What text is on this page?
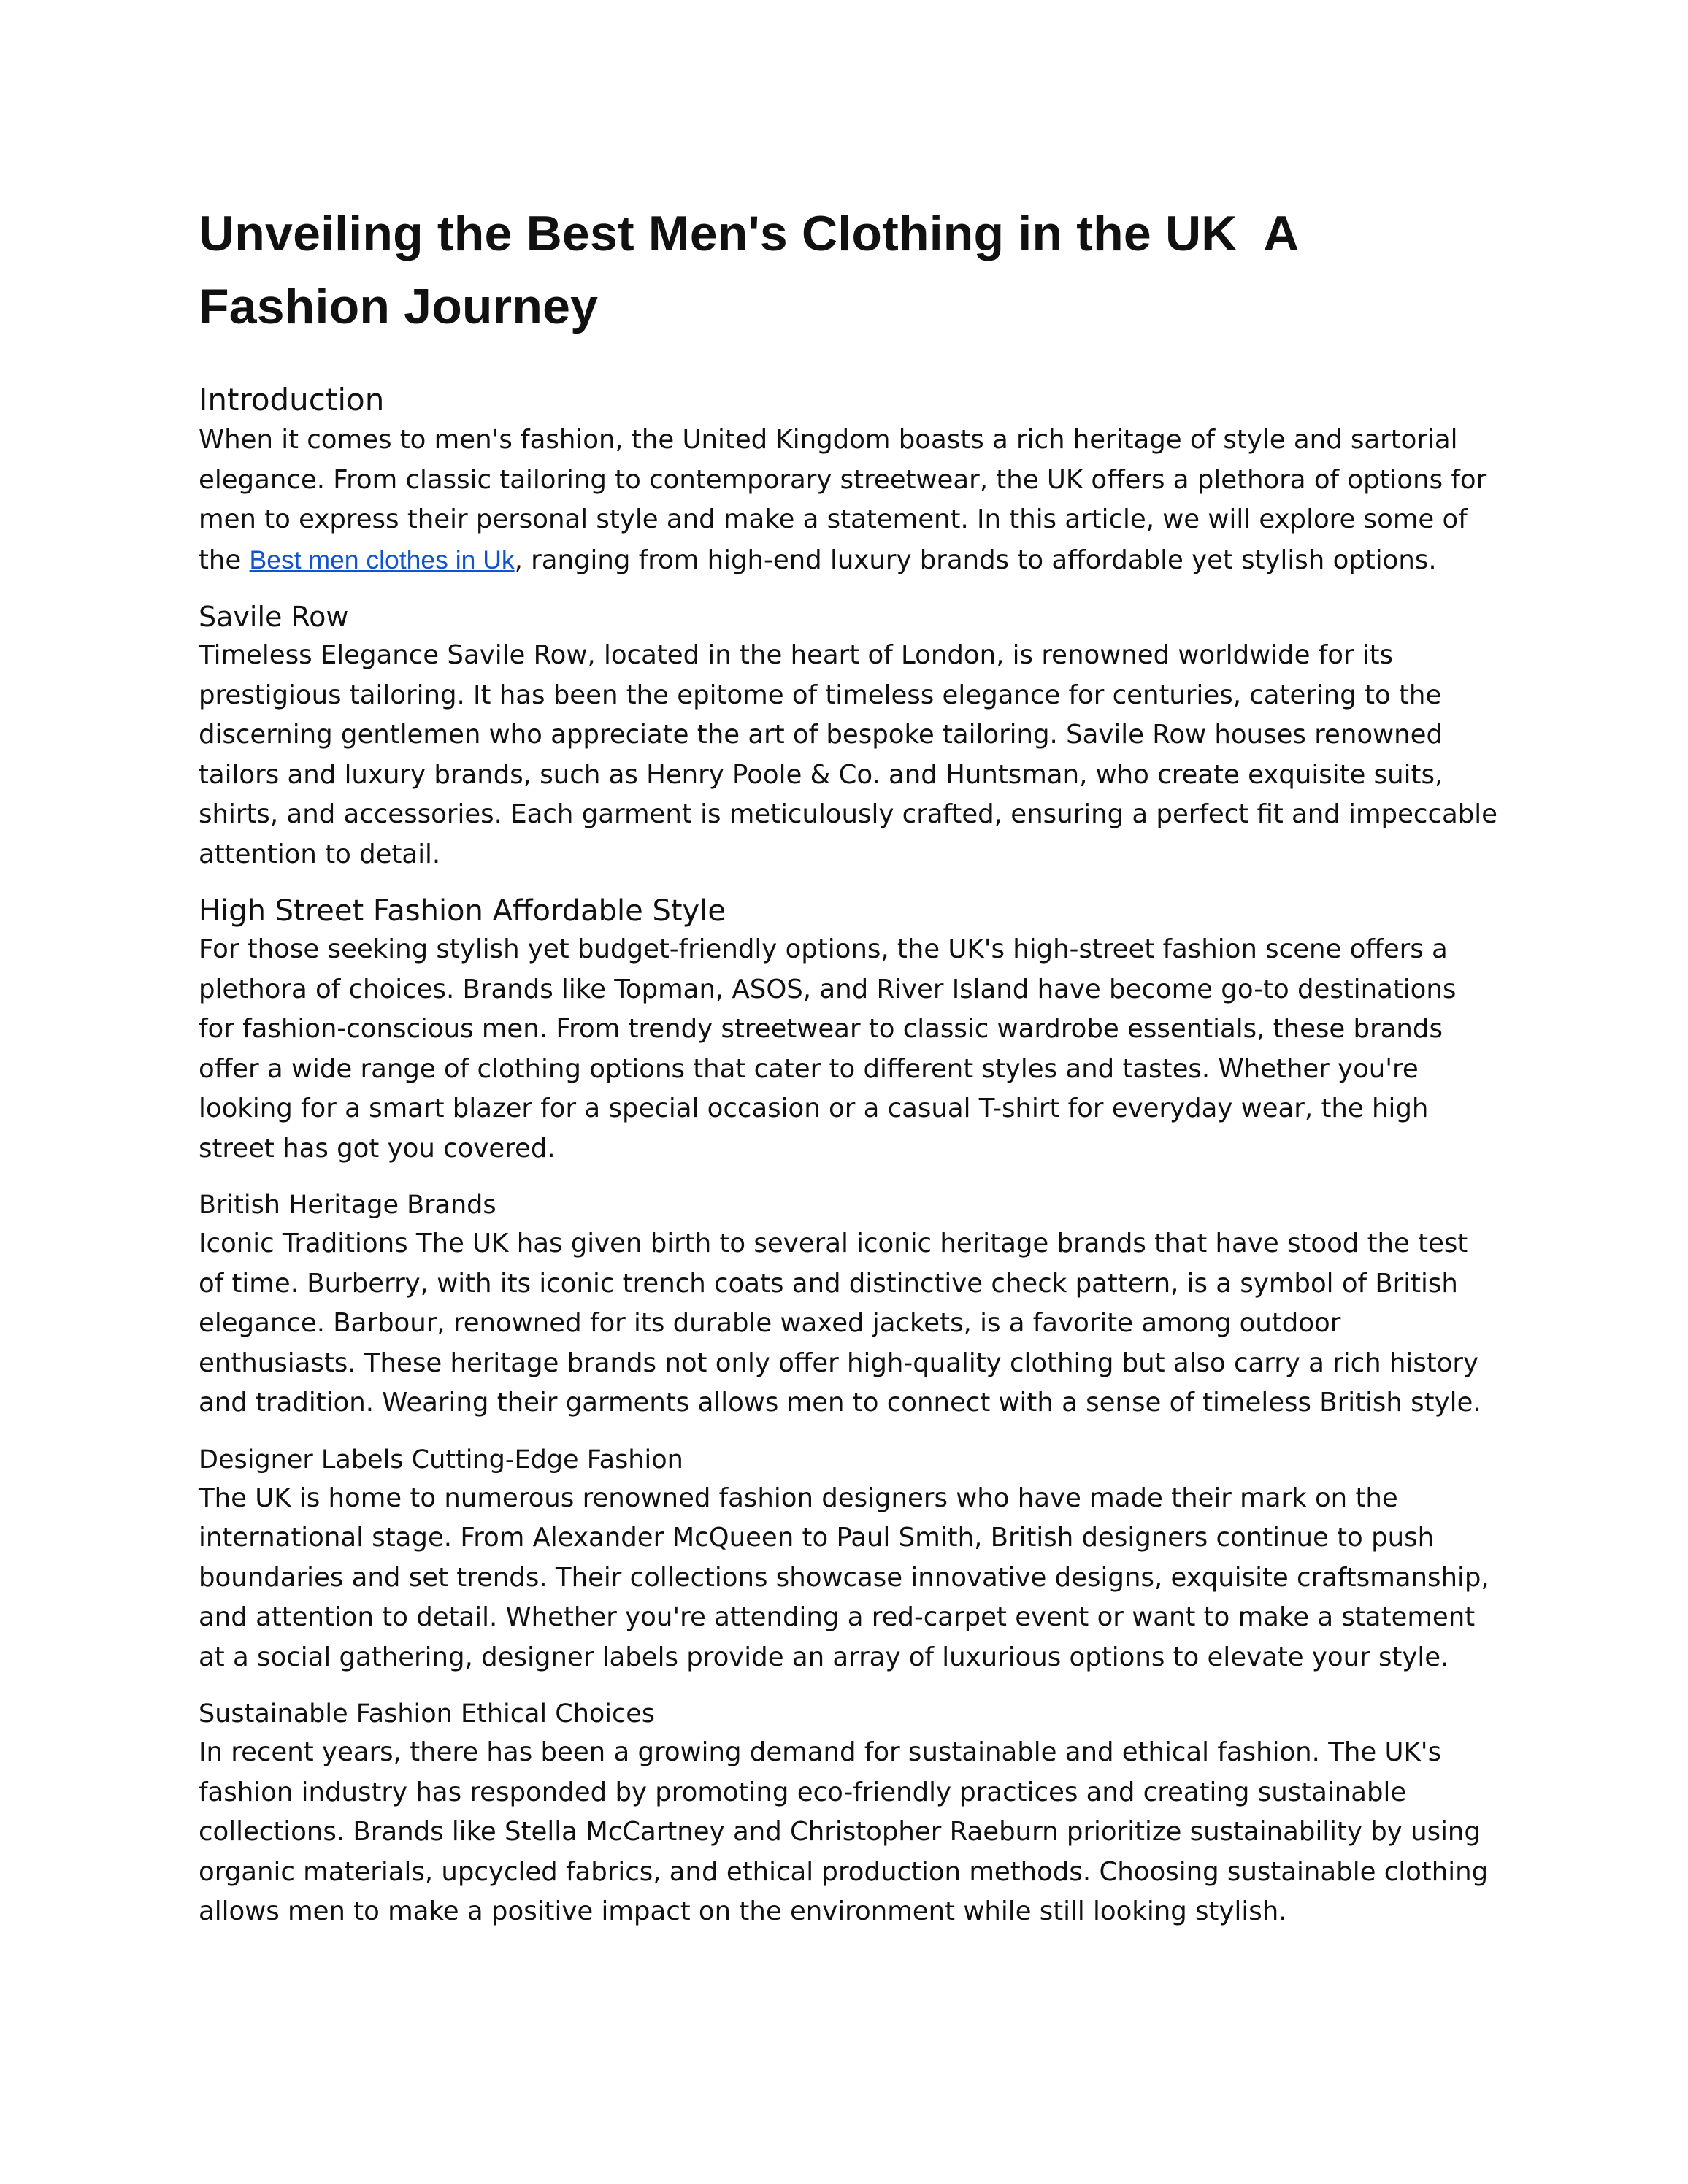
Unveiling the Best Men's Clothing in the UK  A Fashion Journey
Introduction

When it comes to men's fashion, the United Kingdom boasts a rich heritage of style and sartorial elegance. From classic tailoring to contemporary streetwear, the UK offers a plethora of options for men to express their personal style and make a statement. In this article, we will explore some of the Best men clothes in Uk, ranging from high-end luxury brands to affordable yet stylish options.

Savile Row

Timeless Elegance Savile Row, located in the heart of London, is renowned worldwide for its prestigious tailoring. It has been the epitome of timeless elegance for centuries, catering to the discerning gentlemen who appreciate the art of bespoke tailoring. Savile Row houses renowned tailors and luxury brands, such as Henry Poole & Co. and Huntsman, who create exquisite suits, shirts, and accessories. Each garment is meticulously crafted, ensuring a perfect fit and impeccable attention to detail.

High Street Fashion Affordable Style

For those seeking stylish yet budget-friendly options, the UK's high-street fashion scene offers a plethora of choices. Brands like Topman, ASOS, and River Island have become go-to destinations for fashion-conscious men. From trendy streetwear to classic wardrobe essentials, these brands offer a wide range of clothing options that cater to different styles and tastes. Whether you're looking for a smart blazer for a special occasion or a casual T-shirt for everyday wear, the high street has got you covered.

British Heritage Brands

Iconic Traditions The UK has given birth to several iconic heritage brands that have stood the test of time. Burberry, with its iconic trench coats and distinctive check pattern, is a symbol of British elegance. Barbour, renowned for its durable waxed jackets, is a favorite among outdoor enthusiasts. These heritage brands not only offer high-quality clothing but also carry a rich history and tradition. Wearing their garments allows men to connect with a sense of timeless British style.

Designer Labels Cutting-Edge Fashion

The UK is home to numerous renowned fashion designers who have made their mark on the international stage. From Alexander McQueen to Paul Smith, British designers continue to push boundaries and set trends. Their collections showcase innovative designs, exquisite craftsmanship, and attention to detail. Whether you're attending a red-carpet event or want to make a statement at a social gathering, designer labels provide an array of luxurious options to elevate your style.

Sustainable Fashion Ethical Choices

In recent years, there has been a growing demand for sustainable and ethical fashion. The UK's fashion industry has responded by promoting eco-friendly practices and creating sustainable collections. Brands like Stella McCartney and Christopher Raeburn prioritize sustainability by using organic materials, upcycled fabrics, and ethical production methods. Choosing sustainable clothing allows men to make a positive impact on the environment while still looking stylish.
